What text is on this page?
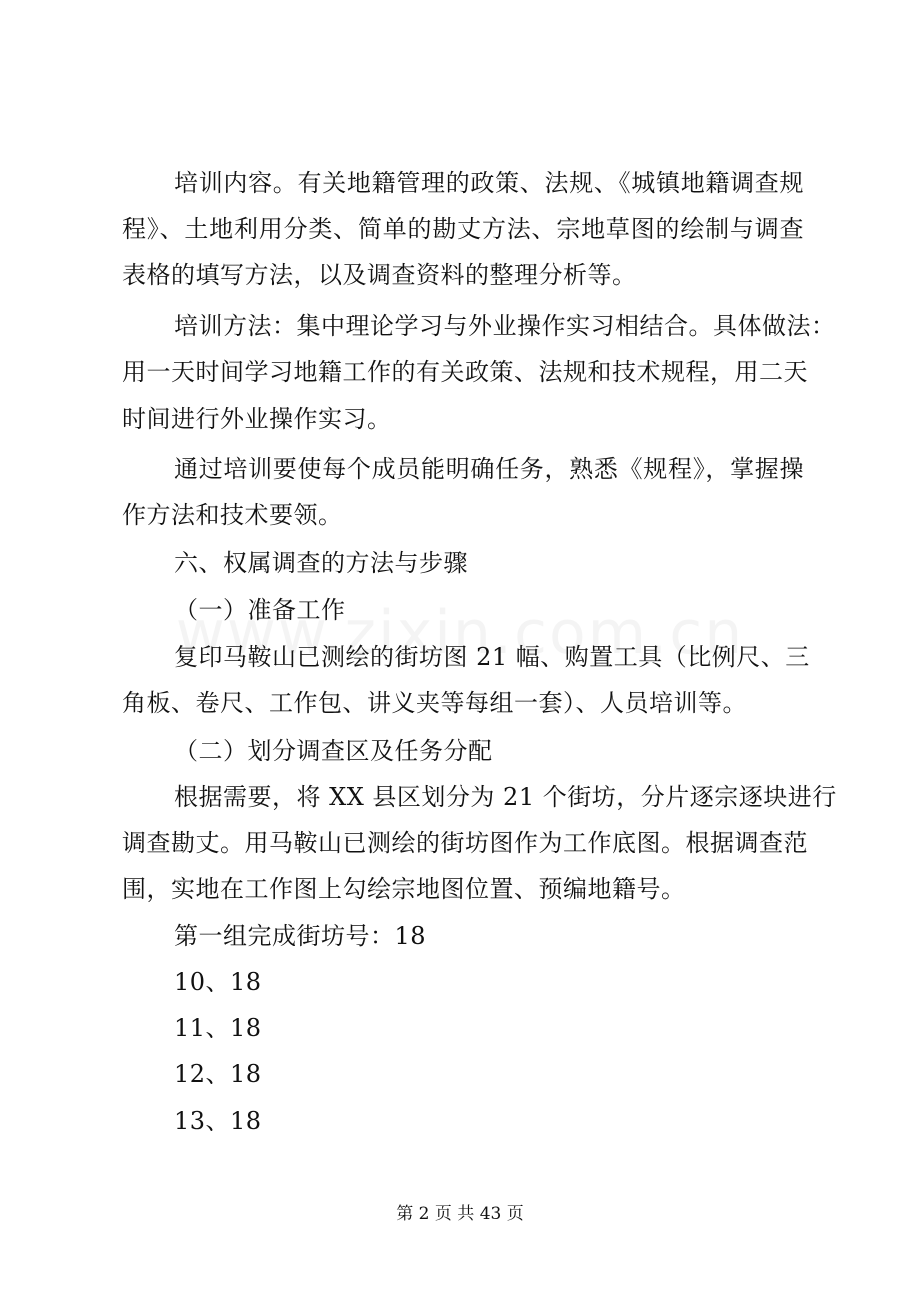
培训内容。有关地籍管理的政策、法规、《城镇地籍调查规
程》、土地利用分类、简单的勘丈方法、宗地草图的绘制与调查
表格的填写方法，以及调查资料的整理分析等。
培训方法：集中理论学习与外业操作实习相结合。具体做法：
用一天时间学习地籍工作的有关政策、法规和技术规程，用二天
时间进行外业操作实习。
通过培训要使每个成员能明确任务，熟悉《规程》，掌握操
作方法和技术要领。
六、权属调查的方法与步骤
（一）准备工作
复印马鞍山已测绘的街坊图 21 幅、购置工具（比例尺、三
角板、卷尺、工作包、讲义夹等每组一套）、人员培训等。
（二）划分调查区及任务分配
根据需要，将 XX 县区划分为 21 个街坊，分片逐宗逐块进行
调查勘丈。用马鞍山已测绘的街坊图作为工作底图。根据调查范
围，实地在工作图上勾绘宗地图位置、预编地籍号。
第一组完成街坊号：18
10、18
11、18
12、18
13、18
第 2 页 共 43 页
